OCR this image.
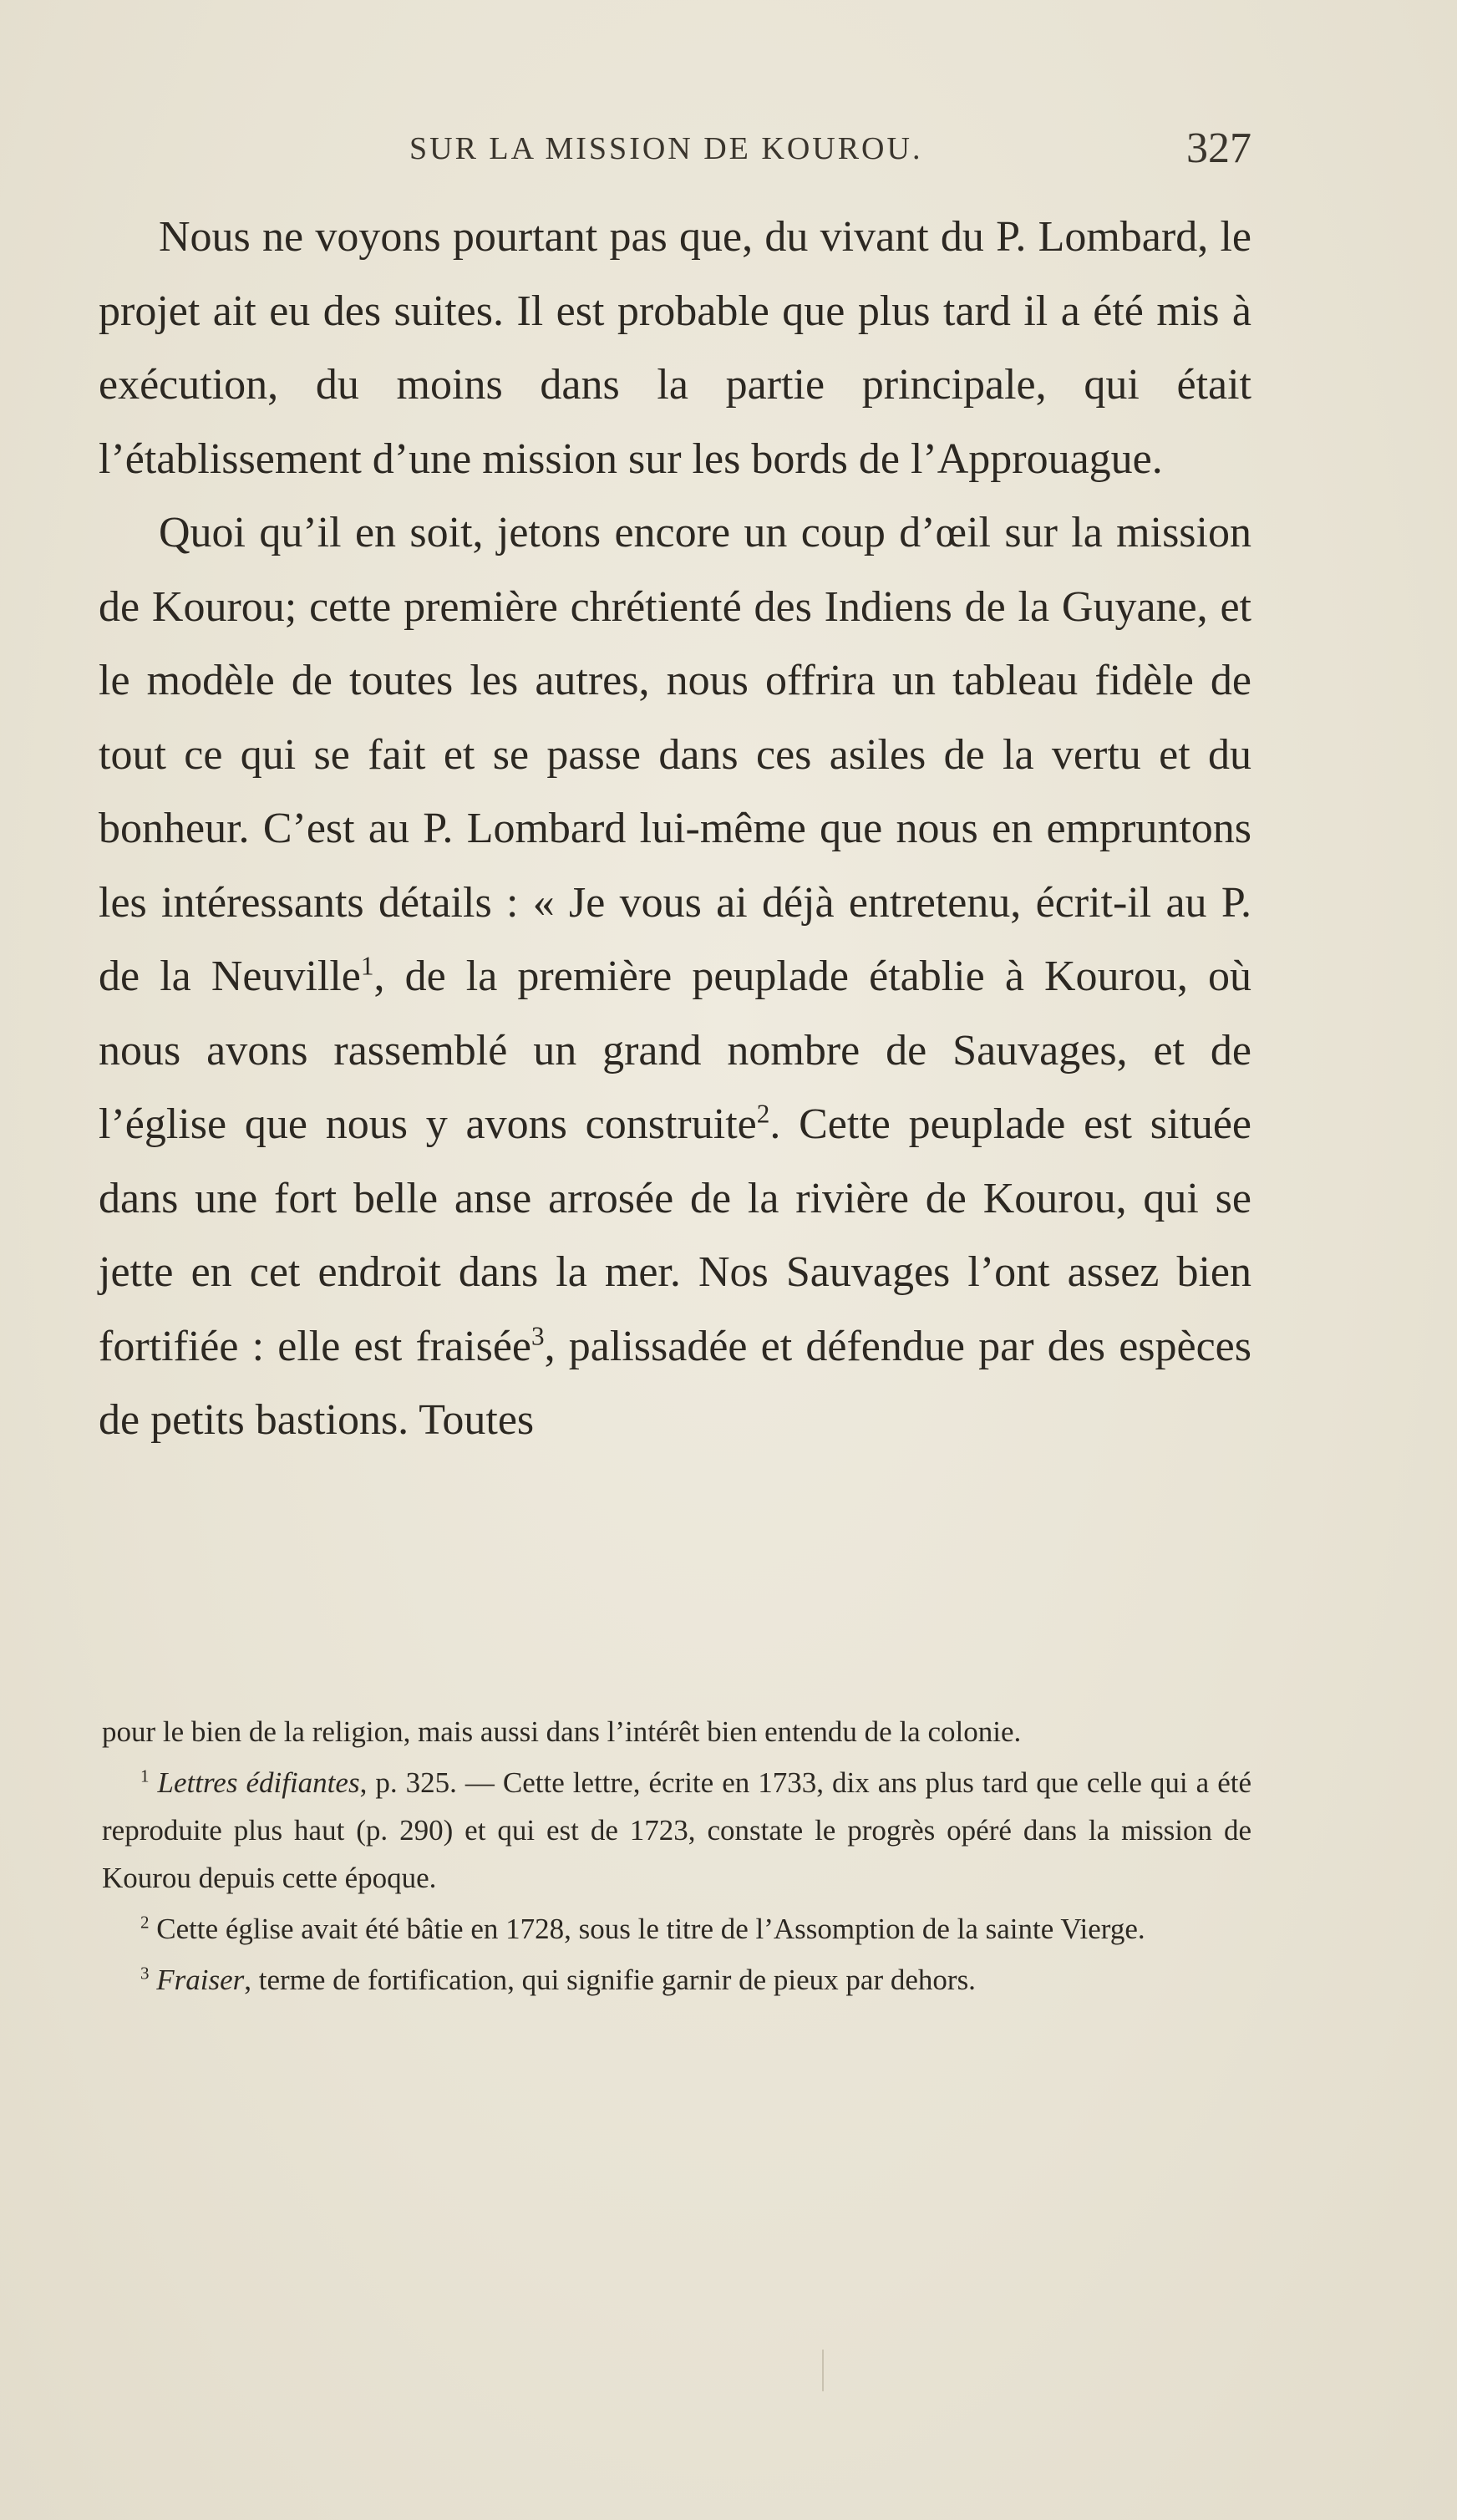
SUR LA MISSION DE KOUROU.	327

Nous ne voyons pourtant pas que, du vivant du P. Lombard, le projet ait eu des suites. Il est probable que plus tard il a été mis à exécution, du moins dans la partie principale, qui était l’établissement d’une mission sur les bords de l’Approuague.

Quoi qu’il en soit, jetons encore un coup d’œil sur la mission de Kourou; cette première chrétienté des Indiens de la Guyane, et le modèle de toutes les autres, nous offrira un tableau fidèle de tout ce qui se fait et se passe dans ces asiles de la vertu et du bonheur. C’est au P. Lombard lui-même que nous en empruntons les intéressants détails : « Je vous ai déjà entretenu, écrit-il au P. de la Neuville$^1$, de la première peuplade établie à Kourou, où nous avons rassemblé un grand nombre de Sauvages, et de l’église que nous y avons construite$^2$. Cette peuplade est située dans une fort belle anse arrosée de la rivière de Kourou, qui se jette en cet endroit dans la mer. Nos Sauvages l’ont assez bien fortifiée : elle est fraisée$^3$, palissadée et défendue par des espèces de petits bastions. Toutes

pour le bien de la religion, mais aussi dans l’intérêt bien entendu de la colonie.

$^1$ Lettres édifiantes, p. 325. — Cette lettre, écrite en 1733, dix ans plus tard que celle qui a été reproduite plus haut (p. 290) et qui est de 1723, constate le progrès opéré dans la mission de Kourou depuis cette époque.

$^2$ Cette église avait été bâtie en 1728, sous le titre de l’Assomption de la sainte Vierge.

$^3$ Fraiser, terme de fortification, qui signifie garnir de pieux par dehors.
